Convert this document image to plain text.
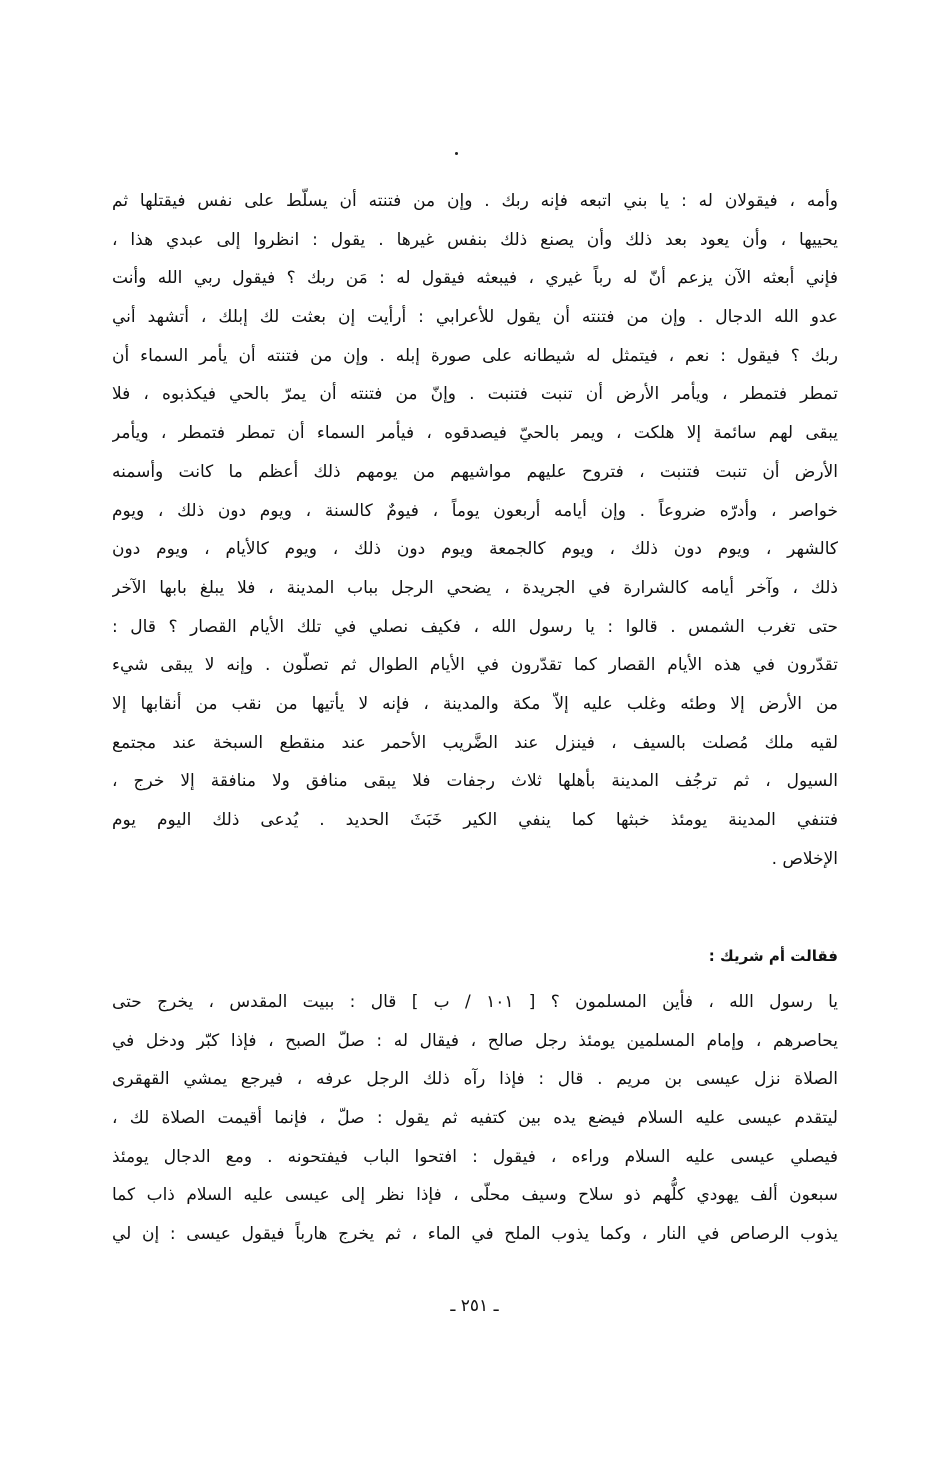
وأمه ، فيقولان له : يا بني اتبعه فإنه ربك . وإن من فتنته أن يسلّط على نفس فيقتلها ثم
يحييها ، وأن يعود بعد ذلك وأن يصنع ذلك بنفس غيرها . يقول : انظروا إلى عبدي هذا ،
فإني أبعثه الآن يزعم أنّ له رباً غيري ، فيبعثه فيقول له : مَن ربك ؟ فيقول ربي الله وأنت
عدو الله الدجال . وإن من فتنته أن يقول للأعرابي : أرأيت إن بعثت لك إبلك ، أتشهد أني
ربك ؟ فيقول : نعم ، فيتمثل له شيطانه على صورة إبله . وإن من فتنته أن يأمر السماء أن
تمطر فتمطر ، ويأمر الأرض أن تنبت فتنبت . وإنّ من فتنته أن يمرّ بالحي فيكذبوه ، فلا
يبقى لهم سائمة إلا هلكت ، ويمر بالحيّ فيصدقوه ، فيأمر السماء أن تمطر فتمطر ، ويأمر
الأرض أن تنبت فتنبت ، فتروح عليهم مواشيهم من يومهم ذلك أعظم ما كانت وأسمنه
خواصر ، وأدرّه ضروعاً . وإن أيامه أربعون يوماً ، فيومٌ كالسنة ، ويوم دون ذلك ، ويوم
كالشهر ، ويوم دون ذلك ، ويوم كالجمعة ويوم دون ذلك ، ويوم كالأيام ، ويوم دون
ذلك ، وآخر أيامه كالشرارة في الجريدة ، يضحي الرجل بباب المدينة ، فلا يبلغ بابها الآخر
حتى تغرب الشمس . قالوا : يا رسول الله ، فكيف نصلي في تلك الأيام القصار ؟ قال :
تقدّرون في هذه الأيام القصار كما تقدّرون في الأيام الطوال ثم تصلّون . وإنه لا يبقى شيء
من الأرض إلا وطئه وغلب عليه إلاّ مكة والمدينة ، فإنه لا يأتيها من نقب من أنقابها إلا
لقيه ملك مُصلت بالسيف ، فينزل عند الضَّريب الأحمر عند منقطع السبخة عند مجتمع
السيول ، ثم ترجُف المدينة بأهلها ثلاث رجفات فلا يبقى منافق ولا منافقة إلا خرج ،
فتنفي المدينة يومئذ خبثها كما ينفي الكير خَبَثَ الحديد . يُدعى ذلك اليوم يوم
الإخلاص .
فقالت أم شريك :
يا رسول الله ، فأين المسلمون ؟ [ ١٠١ / ب ] قال : ببيت المقدس ، يخرج حتى
يحاصرهم ، وإمام المسلمين يومئذ رجل صالح ، فيقال له : صلّ الصبح ، فإذا كبّر ودخل في
الصلاة نزل عيسى بن مريم . قال : فإذا رآه ذلك الرجل عرفه ، فيرجع يمشي القهقرى
ليتقدم عيسى عليه السلام فيضع يده بين كتفيه ثم يقول : صلّ ، فإنما أقيمت الصلاة لك ،
فيصلي عيسى عليه السلام وراءه ، فيقول : افتحوا الباب فيفتحونه . ومع الدجال يومئذ
سبعون ألف يهودي كلُّهم ذو سلاح وسيف محلّى ، فإذا نظر إلى عيسى عليه السلام ذاب كما
يذوب الرصاص في النار ، وكما يذوب الملح في الماء ، ثم يخرج هارباً فيقول عيسى : إن لي
ـ ٢٥١ ـ
